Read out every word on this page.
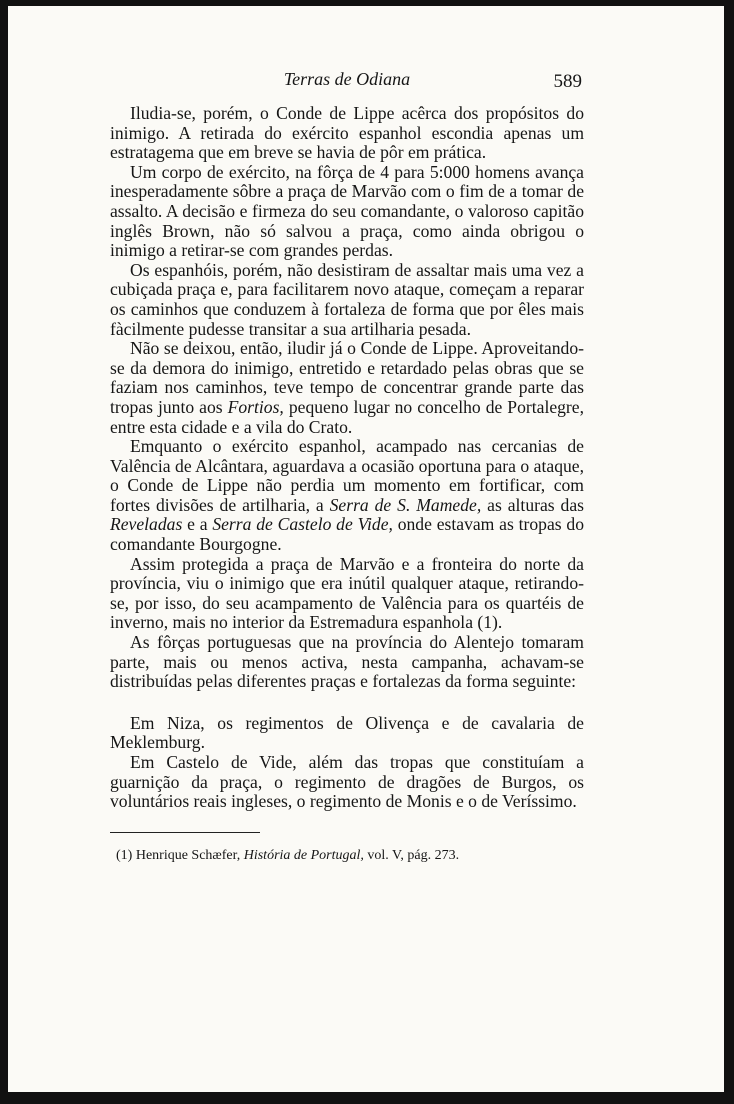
Terras de Odiana	589

Iludia-se, porém, o Conde de Lippe acêrca dos propósitos do inimigo. A retirada do exército espanhol escondia apenas um estratagema que em breve se havia de pôr em prática.

Um corpo de exército, na fôrça de 4 para 5:000 homens avança inesperadamente sôbre a praça de Marvão com o fim de a tomar de assalto. A decisão e firmeza do seu comandante, o valoroso capitão inglês Brown, não só salvou a praça, como ainda obrigou o inimigo a retirar-se com grandes perdas.

Os espanhóis, porém, não desistiram de assaltar mais uma vez a cubiçada praça e, para facilitarem novo ataque, começam a reparar os caminhos que conduzem à fortaleza de forma que por êles mais fàcilmente pudesse transitar a sua artilharia pesada.

Não se deixou, então, iludir já o Conde de Lippe. Aproveitando-se da demora do inimigo, entretido e retardado pelas obras que se faziam nos caminhos, teve tempo de concentrar grande parte das tropas junto aos Fortios, pequeno lugar no concelho de Portalegre, entre esta cidade e a vila do Crato.

Emquanto o exército espanhol, acampado nas cercanias de Valência de Alcântara, aguardava a ocasião oportuna para o ataque, o Conde de Lippe não perdia um momento em fortificar, com fortes divisões de artilharia, a Serra de S. Mamede, as alturas das Reveladas e a Serra de Castelo de Vide, onde estavam as tropas do comandante Bourgogne.

Assim protegida a praça de Marvão e a fronteira do norte da província, viu o inimigo que era inútil qualquer ataque, retirando-se, por isso, do seu acampamento de Valência para os quartéis de inverno, mais no interior da Estremadura espanhola (1).

As fôrças portuguesas que na província do Alentejo tomaram parte, mais ou menos activa, nesta campanha, achavam-se distribuídas pelas diferentes praças e fortalezas da forma seguinte:

Em Niza, os regimentos de Olivença e de cavalaria de Meklemburg.

Em Castelo de Vide, além das tropas que constituíam a guarnição da praça, o regimento de dragões de Burgos, os voluntários reais ingleses, o regimento de Monis e o de Veríssimo.

(1) Henrique Schæfer, História de Portugal, vol. V, pág. 273.
